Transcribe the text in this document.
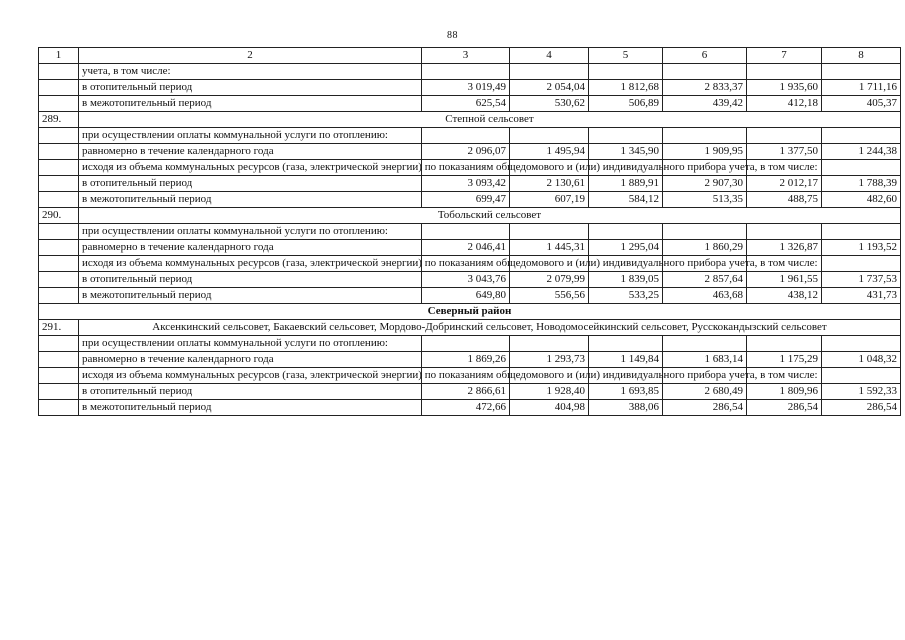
88
1	2	3	4	5	6	7	8
	учета, в том числе:						
	в отопительный период	3 019,49	2 054,04	1 812,68	2 833,37	1 935,60	1 711,16
	в межотопительный период	625,54	530,62	506,89	439,42	412,18	405,37
289.	Степной сельсовет						
	при осуществлении оплаты коммунальной услуги по отоплению:						
	равномерно в течение календарного года	2 096,07	1 495,94	1 345,90	1 909,95	1 377,50	1 244,38
	исходя из объема коммунальных ресурсов (газа, электрической энергии) по показаниям общедомового и (или) индивидуального прибора учета, в том числе:						
	в отопительный период	3 093,42	2 130,61	1 889,91	2 907,30	2 012,17	1 788,39
	в межотопительный период	699,47	607,19	584,12	513,35	488,75	482,60
290.	Тобольский сельсовет						
	при осуществлении оплаты коммунальной услуги по отоплению:						
	равномерно в течение календарного года	2 046,41	1 445,31	1 295,04	1 860,29	1 326,87	1 193,52
	исходя из объема коммунальных ресурсов (газа, электрической энергии) по показаниям общедомового и (или) индивидуального прибора учета, в том числе:						
	в отопительный период	3 043,76	2 079,99	1 839,05	2 857,64	1 961,55	1 737,53
	в межотопительный период	649,80	556,56	533,25	463,68	438,12	431,73
Северный район							
291.	Аксенкинский сельсовет, Бакаевский сельсовет, Мордово-Добринский сельсовет, Новодомосейкинский сельсовет, Русскокандызский сельсовет						
	при осуществлении оплаты коммунальной услуги по отоплению:						
	равномерно в течение календарного года	1 869,26	1 293,73	1 149,84	1 683,14	1 175,29	1 048,32
	исходя из объема коммунальных ресурсов (газа, электрической энергии) по показаниям общедомового и (или) индивидуального прибора учета, в том числе:						
	в отопительный период	2 866,61	1 928,40	1 693,85	2 680,49	1 809,96	1 592,33
	в межотопительный период	472,66	404,98	388,06	286,54	286,54	286,54
